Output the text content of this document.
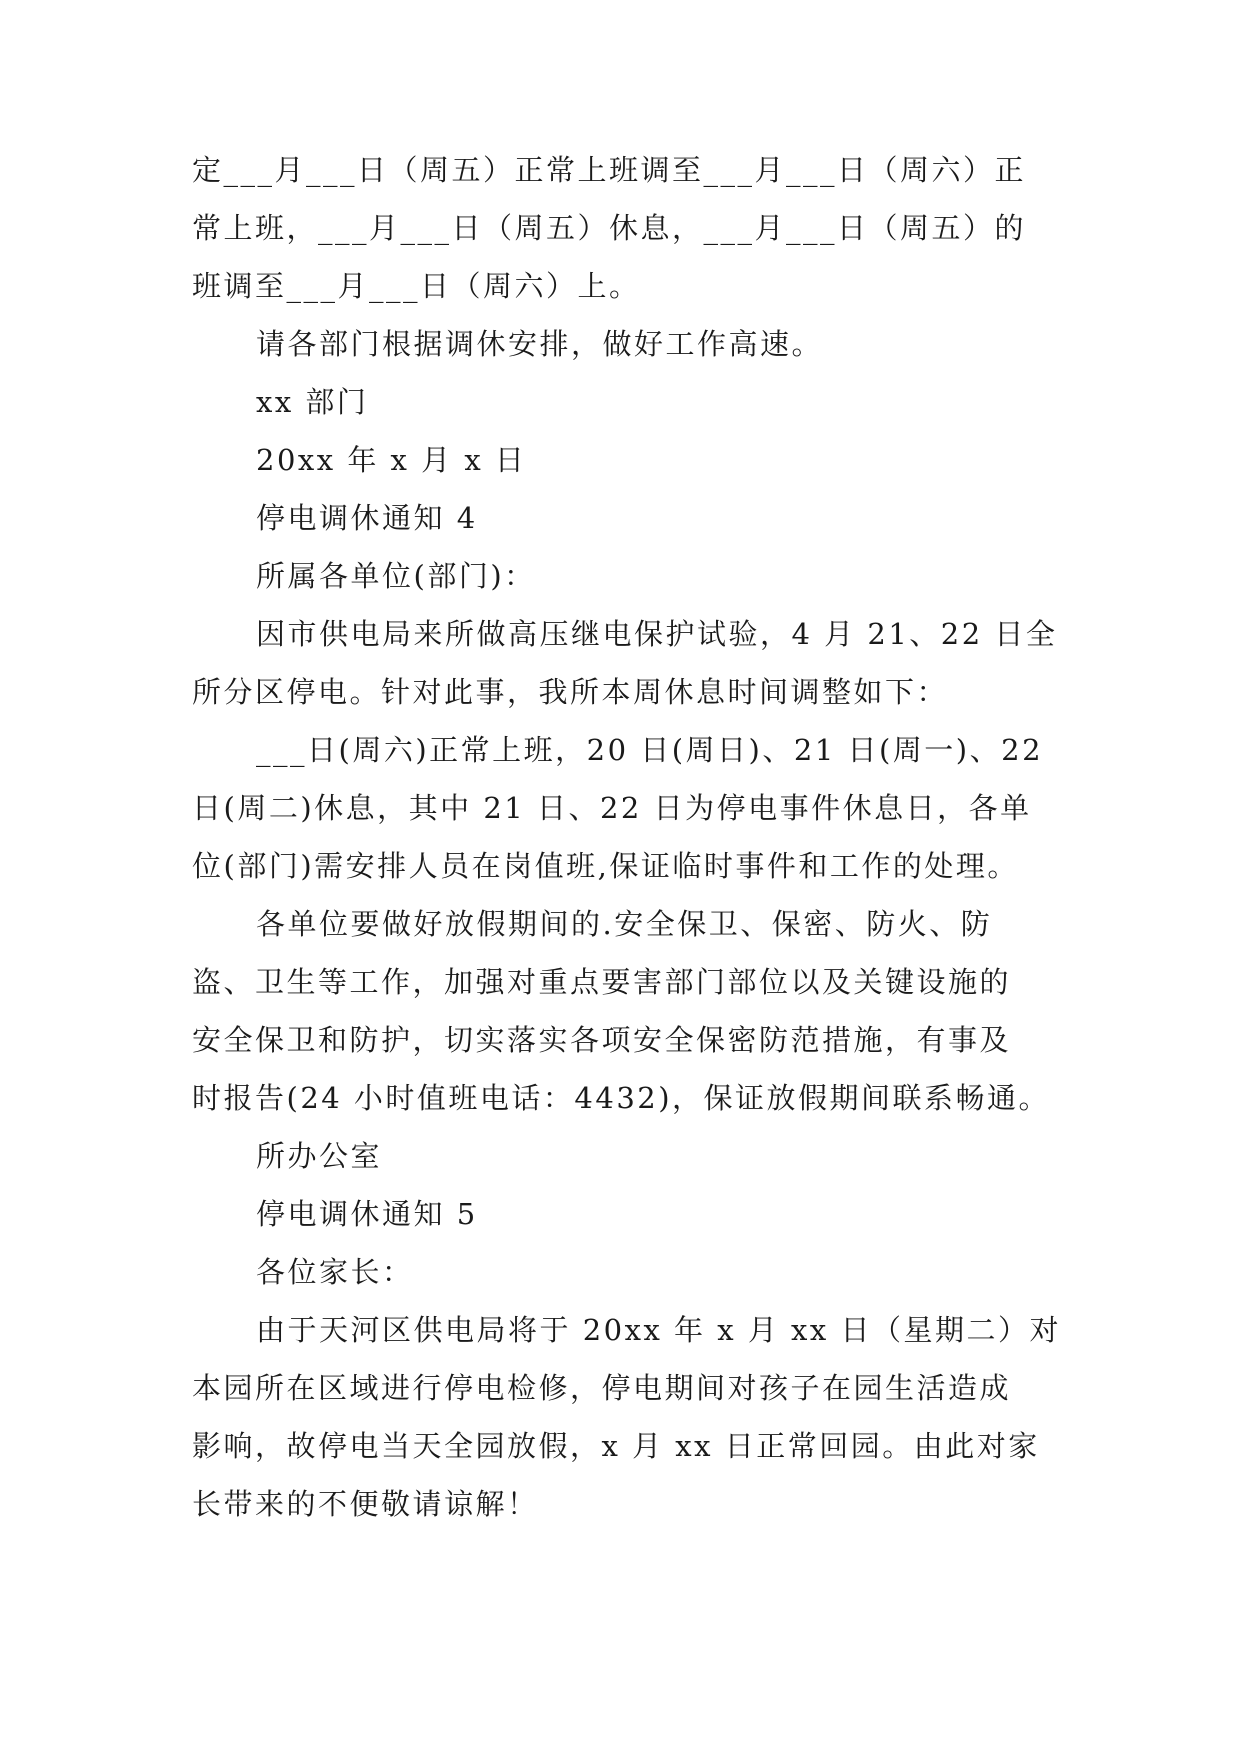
定___月___日（周五）正常上班调至___月___日（周六）正
常上班，___月___日（周五）休息，___月___日（周五）的
班调至___月___日（周六）上。
请各部门根据调休安排，做好工作高速。
xx 部门
20xx 年 x 月 x 日
停电调休通知 4
所属各单位(部门)：
因市供电局来所做高压继电保护试验，4 月 21、22 日全
所分区停电。针对此事，我所本周休息时间调整如下：
___日(周六)正常上班，20 日(周日)、21 日(周一)、22
日(周二)休息，其中 21 日、22 日为停电事件休息日，各单
位(部门)需安排人员在岗值班,保证临时事件和工作的处理。
各单位要做好放假期间的.安全保卫、保密、防火、防
盗、卫生等工作，加强对重点要害部门部位以及关键设施的
安全保卫和防护，切实落实各项安全保密防范措施，有事及
时报告(24 小时值班电话：4432)，保证放假期间联系畅通。
所办公室
停电调休通知 5
各位家长：
由于天河区供电局将于 20xx 年 x 月 xx 日（星期二）对
本园所在区域进行停电检修，停电期间对孩子在园生活造成
影响，故停电当天全园放假，x 月 xx 日正常回园。由此对家
长带来的不便敬请谅解！
